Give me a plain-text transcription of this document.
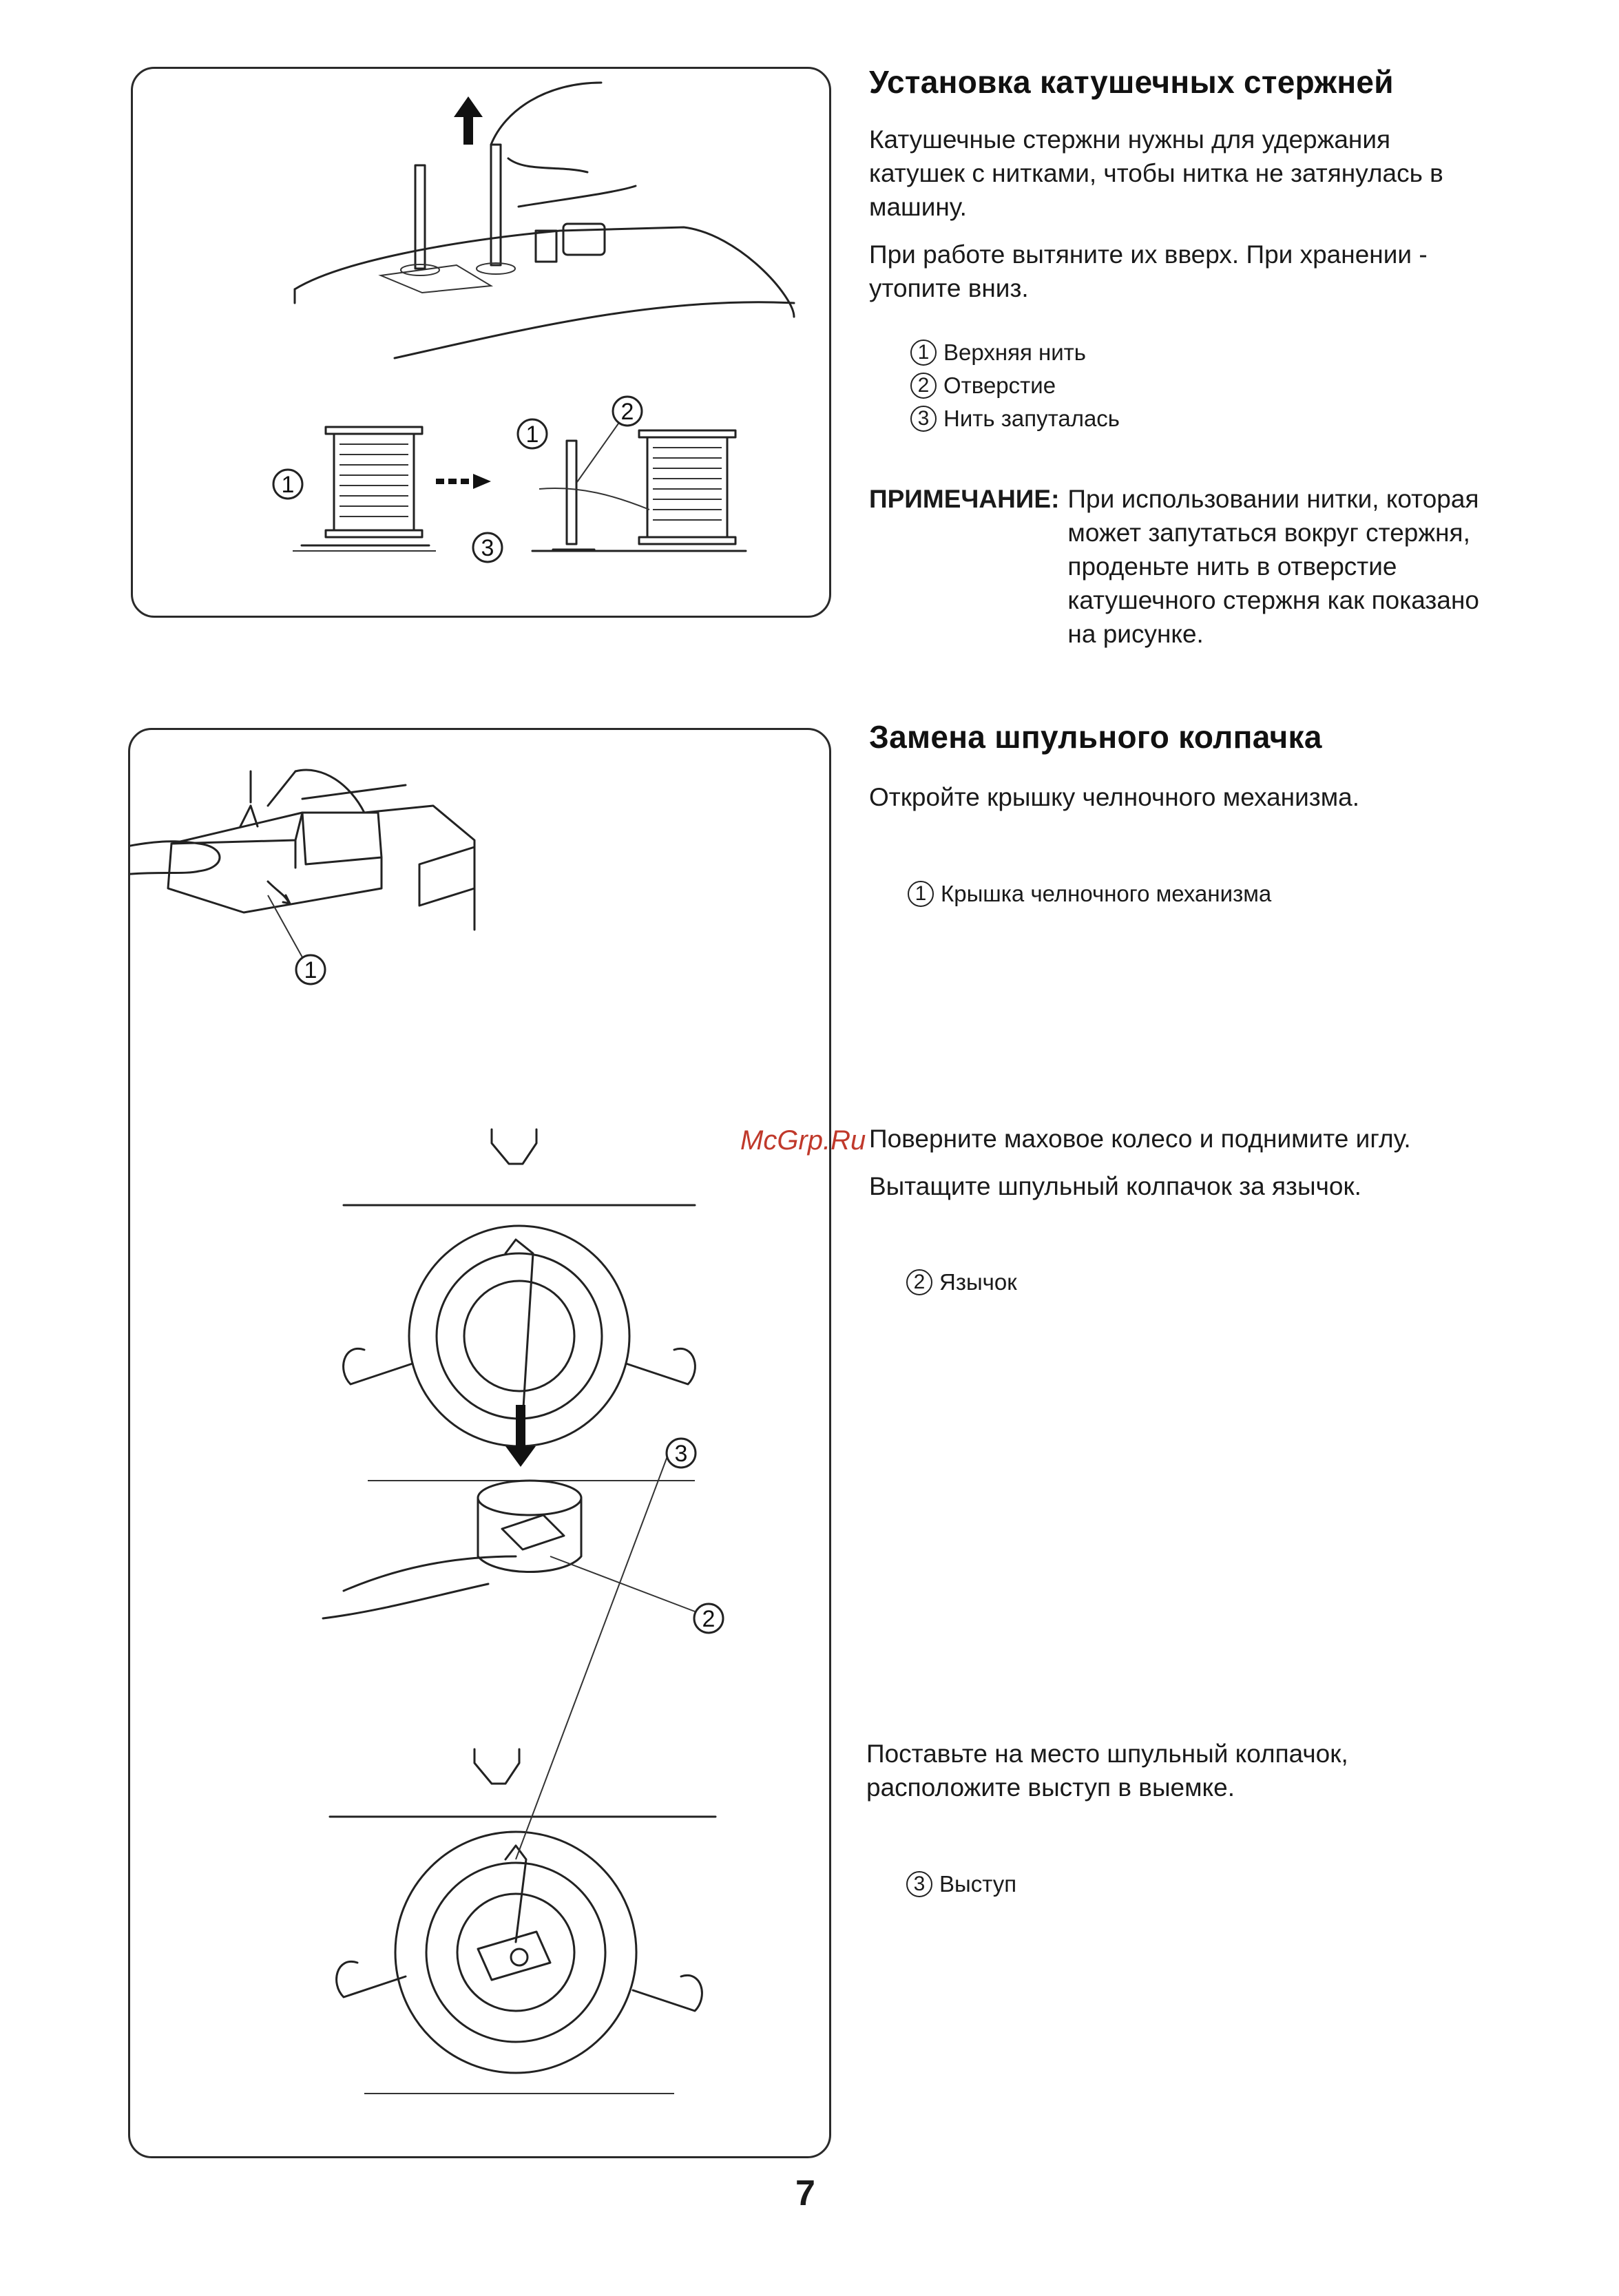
1
2
1
3
Установка катушечных стержней

Катушечные стержни нужны для удержания катушек с нитками, чтобы нитка не затянулась в машину.

При работе вытяните их вверх. При хранении - утопите вниз.

1 Верхняя нить
2 Отверстие
3 Нить запуталась
ПРИМЕЧАНИЕ: При использовании нитки, которая может запутаться вокруг стержня, проденьте нить в отверстие катушечного стержня как показано на рисунке.
1
2
3
Замена шпульного колпачка

Откройте крышку челночного механизма.

1 Крышка челночного механизма
McGrp.Ru Поверните маховое колесо и поднимите иглу.

Вытащите шпульный колпачок за язычок.

2 Язычок

Поставьте на место шпульный колпачок, расположите выступ в выемке.

3 Выступ
7
